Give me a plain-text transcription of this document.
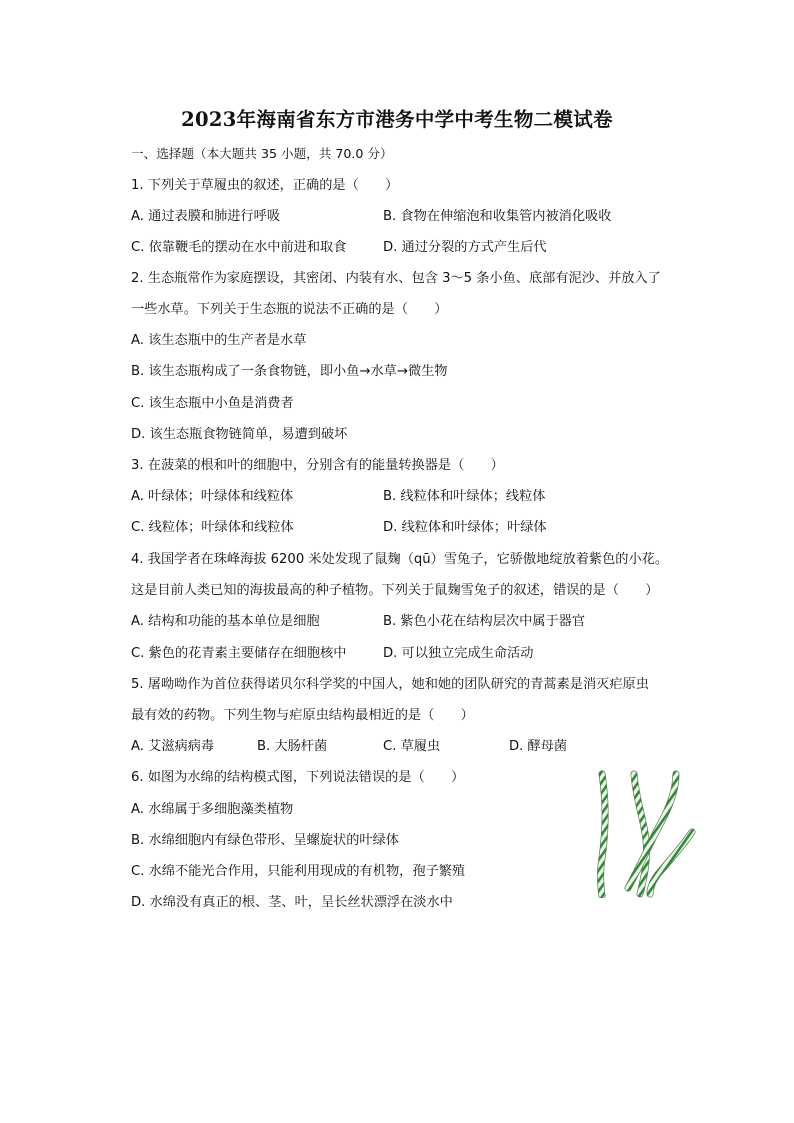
2023年海南省东方市港务中学中考生物二模试卷
一、选择题（本大题共 35 小题，共 70.0 分）
1. 下列关于草履虫的叙述，正确的是（　　）
A. 通过表膜和肺进行呼吸	B. 食物在伸缩泡和收集管内被消化吸收
C. 依靠鞭毛的摆动在水中前进和取食	D. 通过分裂的方式产生后代
2. 生态瓶常作为家庭摆设，其密闭、内装有水、包含 3～5 条小鱼、底部有泥沙、并放入了
一些水草。下列关于生态瓶的说法不正确的是（　　）
A. 该生态瓶中的生产者是水草
B. 该生态瓶构成了一条食物链，即小鱼→水草→微生物
C. 该生态瓶中小鱼是消费者
D. 该生态瓶食物链简单，易遭到破坏
3. 在菠菜的根和叶的细胞中，分别含有的能量转换器是（　　）
A. 叶绿体；叶绿体和线粒体	B. 线粒体和叶绿体；线粒体
C. 线粒体；叶绿体和线粒体	D. 线粒体和叶绿体；叶绿体
4. 我国学者在珠峰海拔 6200 米处发现了鼠麹（qū）雪兔子，它骄傲地绽放着紫色的小花。
这是目前人类已知的海拔最高的种子植物。下列关于鼠麹雪兔子的叙述，错误的是（　　）
A. 结构和功能的基本单位是细胞	B. 紫色小花在结构层次中属于器官
C. 紫色的花青素主要储存在细胞核中	D. 可以独立完成生命活动
5. 屠呦呦作为首位获得诺贝尔科学奖的中国人，她和她的团队研究的青蒿素是消灭疟原虫
最有效的药物。下列生物与疟原虫结构最相近的是（　　）
A. 艾滋病病毒	B. 大肠杆菌	C. 草履虫	D. 酵母菌
6. 如图为水绵的结构模式图，下列说法错误的是（　　）
A. 水绵属于多细胞藻类植物
B. 水绵细胞内有绿色带形、呈螺旋状的叶绿体
C. 水绵不能光合作用，只能利用现成的有机物，孢子繁殖
D. 水绵没有真正的根、茎、叶，呈长丝状漂浮在淡水中
